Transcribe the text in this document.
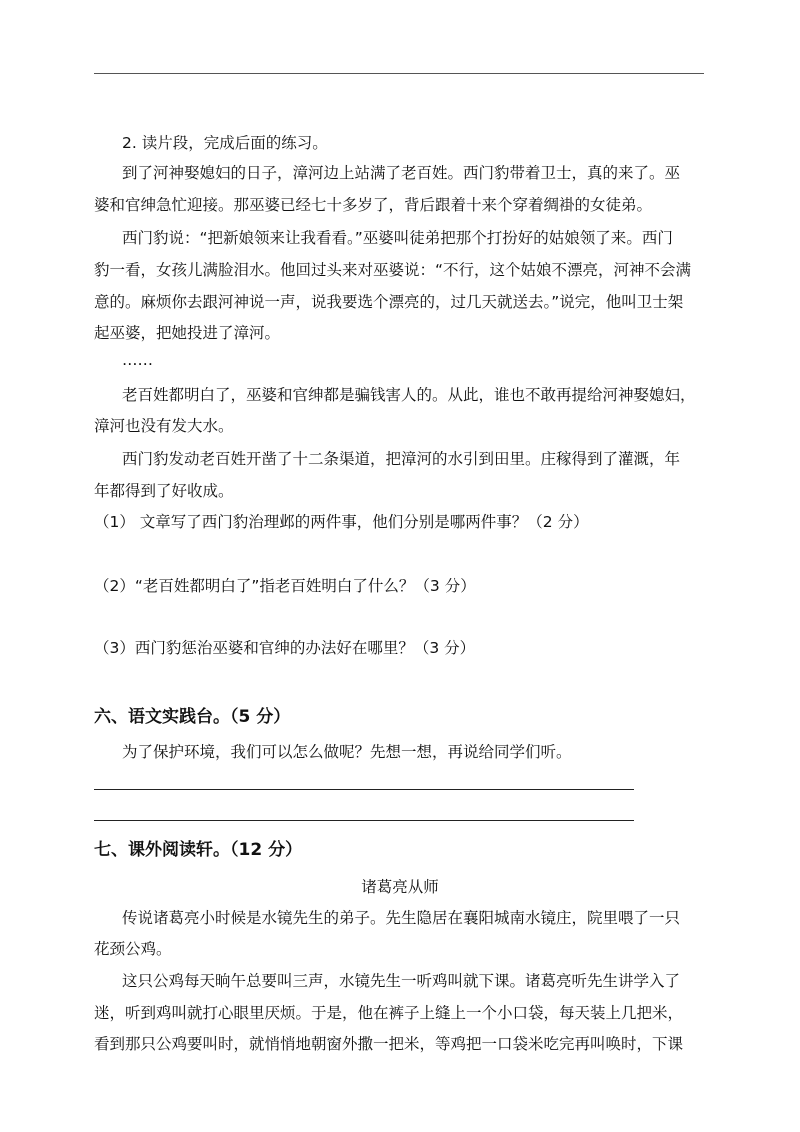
2. 读片段，完成后面的练习。
到了河神娶媳妇的日子，漳河边上站满了老百姓。西门豹带着卫士，真的来了。巫
婆和官绅急忙迎接。那巫婆已经七十多岁了，背后跟着十来个穿着绸褂的女徒弟。
西门豹说：“把新娘领来让我看看。”巫婆叫徒弟把那个打扮好的姑娘领了来。西门
豹一看，女孩儿满脸泪水。他回过头来对巫婆说：“不行，这个姑娘不漂亮，河神不会满
意的。麻烦你去跟河神说一声，说我要选个漂亮的，过几天就送去。”说完，他叫卫士架
起巫婆，把她投进了漳河。
……
老百姓都明白了，巫婆和官绅都是骗钱害人的。从此，谁也不敢再提给河神娶媳妇，
漳河也没有发大水。
西门豹发动老百姓开凿了十二条渠道，把漳河的水引到田里。庄稼得到了灌溉，年
年都得到了好收成。
（1） 文章写了西门豹治理邺的两件事，他们分别是哪两件事？（2 分）
（2）“老百姓都明白了”指老百姓明白了什么？（3 分）
（3）西门豹惩治巫婆和官绅的办法好在哪里？（3 分）
六、语文实践台。（5 分）
为了保护环境，我们可以怎么做呢？先想一想，再说给同学们听。
七、课外阅读轩。（12 分）
诸葛亮从师
传说诸葛亮小时候是水镜先生的弟子。先生隐居在襄阳城南水镜庄，院里喂了一只
花颈公鸡。
这只公鸡每天晌午总要叫三声，水镜先生一听鸡叫就下课。诸葛亮听先生讲学入了
迷，听到鸡叫就打心眼里厌烦。于是，他在裤子上缝上一个小口袋，每天装上几把米，
看到那只公鸡要叫时，就悄悄地朝窗外撒一把米，等鸡把一口袋米吃完再叫唤时，下课
